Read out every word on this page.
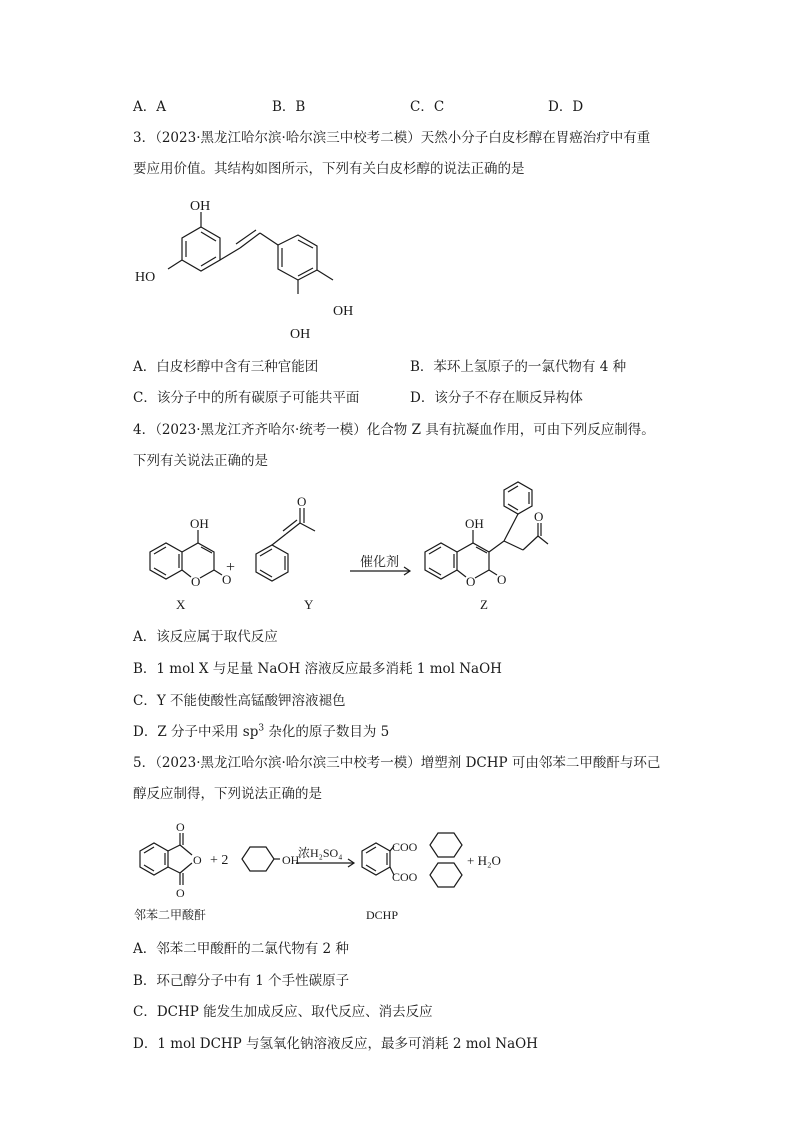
A．A	B．B	C．C	D．D
3．（2023·黑龙江哈尔滨·哈尔滨三中校考二模）天然小分子白皮杉醇在胃癌治疗中有重
要应用价值。其结构如图所示，下列有关白皮杉醇的说法正确的是
OH
HO
OH
OH
A．白皮杉醇中含有三种官能团	B．苯环上氢原子的一氯代物有 4 种
C．该分子中的所有碳原子可能共平面	D．该分子不存在顺反异构体
4．（2023·黑龙江齐齐哈尔·统考一模）化合物 Z 具有抗凝血作用，可由下列反应制得。
下列有关说法正确的是
OH
O O
X
+
O
Y
催化剂
OH
O O
O
Z
A．该反应属于取代反应
B．1 mol X 与足量 NaOH 溶液反应最多消耗 1 mol NaOH
C．Y 不能使酸性高锰酸钾溶液褪色
D．Z 分子中采用 $sp^3$ 杂化的原子数目为 5
5．（2023·黑龙江哈尔滨·哈尔滨三中校考一模）增塑剂 DCHP 可由邻苯二甲酸酐与环己
醇反应制得，下列说法正确的是
O
O
O
邻苯二甲酸酐
+ 2	OH
浓H₂SO₄	COO
COO
DCHP
+ H₂O
A．邻苯二甲酸酐的二氯代物有 2 种
B．环己醇分子中有 1 个手性碳原子
C．DCHP 能发生加成反应、取代反应、消去反应
D．1 mol DCHP 与氢氧化钠溶液反应，最多可消耗 2 mol NaOH
